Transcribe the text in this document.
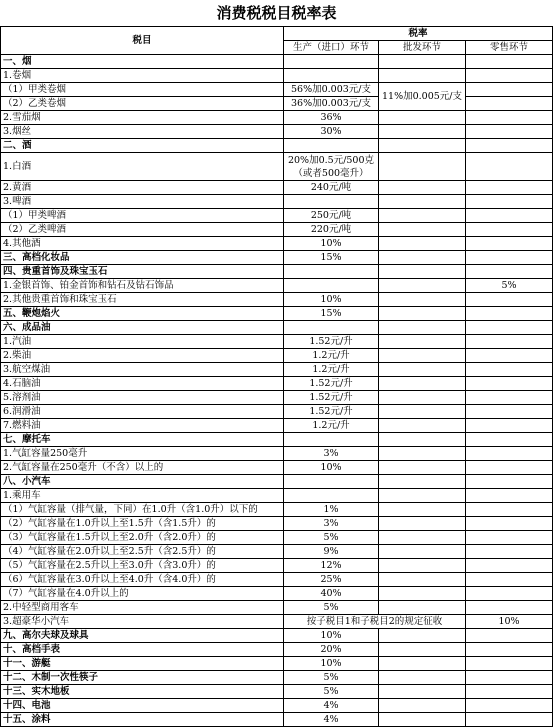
消费税税目税率表			
税目	税率		
	生产（进口）环节	批发环节	零售环节
一、烟			
1.卷烟			
（1）甲类卷烟	56%加0.003元/支	11%加0.005元/支	
（2）乙类卷烟	36%加0.003元/支		
2.雪茄烟	36%		
3.烟丝	30%		
二、酒			
1.白酒	20%加0.5元/500克（或者500毫升）		
2.黄酒	240元/吨		
3.啤酒			
（1）甲类啤酒	250元/吨		
（2）乙类啤酒	220元/吨		
4.其他酒	10%		
三、高档化妆品	15%		
四、贵重首饰及珠宝玉石			
1.金银首饰、铂金首饰和钻石及钻石饰品			5%
2.其他贵重首饰和珠宝玉石	10%		
五、鞭炮焰火	15%		
六、成品油			
1.汽油	1.52元/升		
2.柴油	1.2元/升		
3.航空煤油	1.2元/升		
4.石脑油	1.52元/升		
5.溶剂油	1.52元/升		
6.润滑油	1.52元/升		
7.燃料油	1.2元/升		
七、摩托车			
1.气缸容量250毫升	3%		
2.气缸容量在250毫升（不含）以上的	10%		
八、小汽车			
1.乘用车			
（1）气缸容量（排气量，下同）在1.0升（含1.0升）以下的	1%		
（2）气缸容量在1.0升以上至1.5升（含1.5升）的	3%		
（3）气缸容量在1.5升以上至2.0升（含2.0升）的	5%		
（4）气缸容量在2.0升以上至2.5升（含2.5升）的	9%		
（5）气缸容量在2.5升以上至3.0升（含3.0升）的	12%		
（6）气缸容量在3.0升以上至4.0升（含4.0升）的	25%		
（7）气缸容量在4.0升以上的	40%		
2.中轻型商用客车	5%		
3.超豪华小汽车	按子税目1和子税目2的规定征收		10%
九、高尔夫球及球具	10%		
十、高档手表	20%		
十一、游艇	10%		
十二、木制一次性筷子	5%		
十三、实木地板	5%		
十四、电池	4%		
十五、涂料	4%		
